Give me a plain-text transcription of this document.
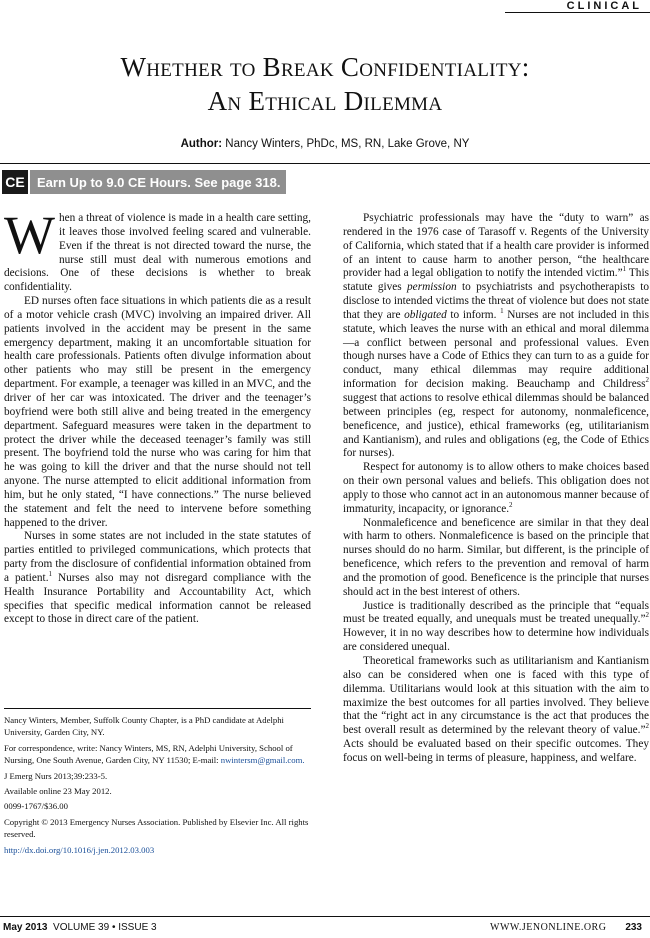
CLINICAL
Whether to Break Confidentiality:
An Ethical Dilemma
Author: Nancy Winters, PhDc, MS, RN, Lake Grove, NY
CE Earn Up to 9.0 CE Hours. See page 318.

When a threat of violence is made in a health care setting, it leaves those involved feeling scared and vulnerable. Even if the threat is not directed toward the nurse, the nurse still must deal with numerous emotions and decisions. One of these decisions is whether to break confidentiality.

ED nurses often face situations in which patients die as a result of a motor vehicle crash (MVC) involving an impaired driver. All patients involved in the accident may be present in the same emergency department, making it an uncomfortable situation for health care professionals. Patients often divulge information about other patients who may still be present in the emergency department. For example, a teenager was killed in an MVC, and the driver of her car was intoxicated. The driver and the teenager’s boyfriend were both still alive and being treated in the emergency department. Safeguard measures were taken in the department to protect the driver while the deceased teenager’s family was still present. The boyfriend told the nurse who was caring for him that he was going to kill the driver and that the nurse should not tell anyone. The nurse attempted to elicit additional information from him, but he only stated, “I have connections.” The nurse believed the statement and felt the need to intervene before something happened to the driver.

Nurses in some states are not included in the state statutes of parties entitled to privileged communications, which protects that party from the disclosure of confidential information obtained from a patient.$^1$ Nurses also may not disregard compliance with the Health Insurance Portability and Accountability Act, which specifies that specific medical information cannot be released except to those in direct care of the patient.

Nancy Winters, Member, Suffolk County Chapter, is a PhD candidate at Adelphi University, Garden City, NY.

For correspondence, write: Nancy Winters, MS, RN, Adelphi University, School of Nursing, One South Avenue, Garden City, NY 11530; E-mail: nwintersm@gmail.com.

J Emerg Nurs 2013;39:233-5.

Available online 23 May 2012.

0099-1767/$36.00

Copyright © 2013 Emergency Nurses Association. Published by Elsevier Inc. All rights reserved.

http://dx.doi.org/10.1016/j.jen.2012.03.003

Psychiatric professionals may have the “duty to warn” as rendered in the 1976 case of Tarasoff v. Regents of the University of California, which stated that if a health care provider is informed of an intent to cause harm to another person, “the healthcare provider had a legal obligation to notify the intended victim.”$^1$ This statute gives permission to psychiatrists and psychotherapists to disclose to intended victims the threat of violence but does not state that they are obligated to inform. $^1$ Nurses are not included in this statute, which leaves the nurse with an ethical and moral dilemma—a conflict between personal and professional values. Even though nurses have a Code of Ethics they can turn to as a guide for conduct, many ethical dilemmas may require additional information for decision making. Beauchamp and Childress$^2$ suggest that actions to resolve ethical dilemmas should be balanced between principles (eg, respect for autonomy, nonmaleficence, beneficence, and justice), ethical frameworks (eg, utilitarianism and Kantianism), and rules and obligations (eg, the Code of Ethics for nurses).

Respect for autonomy is to allow others to make choices based on their own personal values and beliefs. This obligation does not apply to those who cannot act in an autonomous manner because of immaturity, incapacity, or ignorance.$^2$

Nonmaleficence and beneficence are similar in that they deal with harm to others. Nonmaleficence is based on the principle that nurses should do no harm. Similar, but different, is the principle of beneficence, which refers to the prevention and removal of harm and the promotion of good. Beneficence is the principle that nurses should act in the best interest of others.

Justice is traditionally described as the principle that “equals must be treated equally, and unequals must be treated unequally.”$^2$ However, it in no way describes how to determine how individuals are considered unequal.

Theoretical frameworks such as utilitarianism and Kantianism also can be considered when one is faced with this type of dilemma. Utilitarians would look at this situation with the aim to maximize the best outcomes for all parties involved. They believe that the “right act in any circumstance is the act that produces the best overall result as determined by the relevant theory of value.”$^2$ Acts should be evaluated based on their specific outcomes. They focus on well-being in terms of pleasure, happiness, and welfare.

May 2013 VOLUME 39 • ISSUE 3	WWW.JENONLINE.ORG 233
